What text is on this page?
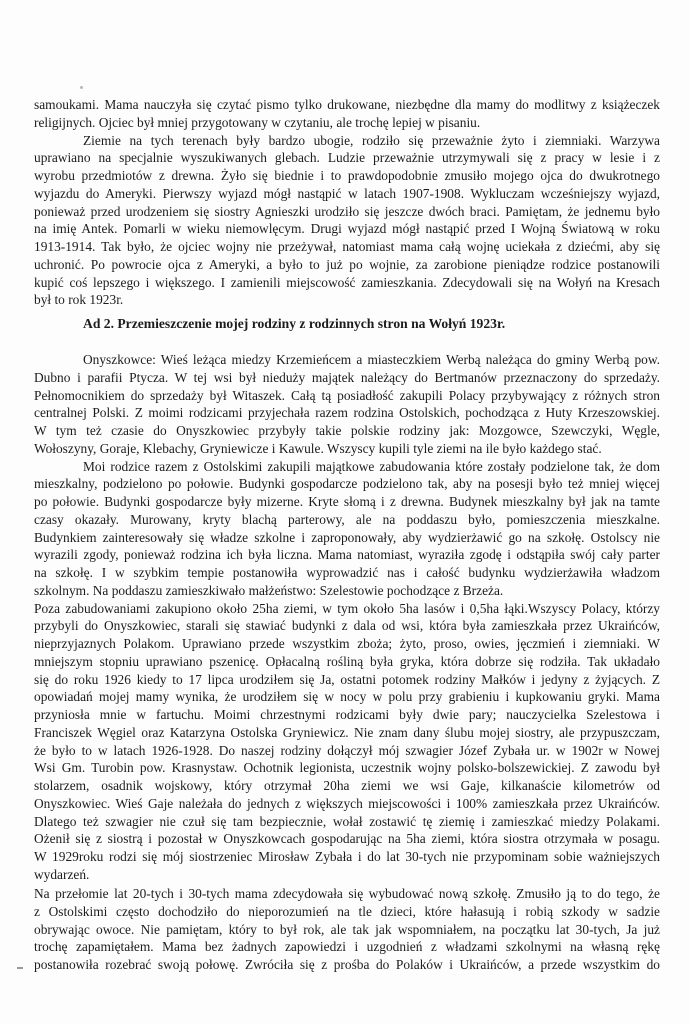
samoukami. Mama nauczyła się czytać pismo tylko drukowane, niezbędne dla mamy do modlitwy z książeczek
religijnych. Ojciec był mniej przygotowany w czytaniu, ale trochę lepiej w pisaniu.
Ziemie na tych terenach były bardzo ubogie, rodziło się przeważnie żyto i ziemniaki. Warzywa
uprawiano na specjalnie wyszukiwanych glebach. Ludzie przeważnie utrzymywali się z pracy w lesie i z
wyrobu przedmiotów z drewna. Żyło się biednie i to prawdopodobnie zmusiło mojego ojca do dwukrotnego
wyjazdu do Ameryki. Pierwszy wyjazd mógł nastąpić w latach 1907-1908. Wykluczam wcześniejszy wyjazd,
ponieważ przed urodzeniem się siostry Agnieszki urodziło się jeszcze dwóch braci. Pamiętam, że jednemu było
na imię Antek. Pomarli w wieku niemowlęcym. Drugi wyjazd mógł nastąpić przed I Wojną Światową w roku
1913-1914. Tak było, że ojciec wojny nie przeżywał, natomiast mama całą wojnę uciekała z dziećmi, aby się
uchronić. Po powrocie ojca z Ameryki, a było to już po wojnie, za zarobione pieniądze rodzice postanowili
kupić coś lepszego i większego. I zamienili miejscowość zamieszkania. Zdecydowali się na Wołyń na Kresach
był to rok 1923r.
Ad 2. Przemieszczenie mojej rodziny z rodzinnych stron na Wołyń 1923r.
Onyszkowce: Wieś leżąca miedzy Krzemieńcem a miasteczkiem Werbą należąca do gminy Werbą pow.
Dubno i parafii Ptycza. W tej wsi był nieduży majątek należący do Bertmanów przeznaczony do sprzedaży.
Pełnomocnikiem do sprzedaży był Witaszek. Całą tą posiadłość zakupili Polacy przybywający z różnych stron
centralnej Polski. Z moimi rodzicami przyjechała razem rodzina Ostolskich, pochodząca z Huty Krzeszowskiej.
W tym też czasie do Onyszkowiec przybyły takie polskie rodziny jak: Mozgowce, Szewczyki, Węgle,
Wołoszyny, Goraje, Klebachy, Gryniewicze i Kawule. Wszyscy kupili tyle ziemi na ile było każdego stać.
Moi rodzice razem z Ostolskimi zakupili majątkowe zabudowania które zostały podzielone tak, że dom
mieszkalny, podzielono po połowie. Budynki gospodarcze podzielono tak, aby na posesji było też mniej więcej
po połowie. Budynki gospodarcze były mizerne. Kryte słomą i z drewna. Budynek mieszkalny był jak na tamte
czasy okazały. Murowany, kryty blachą parterowy, ale na poddaszu było, pomieszczenia mieszkalne.
Budynkiem zainteresowały się władze szkolne i zaproponowały, aby wydzierżawić go na szkołę. Ostolscy nie
wyrazili zgody, ponieważ rodzina ich była liczna. Mama natomiast, wyraziła zgodę i odstąpiła swój cały parter
na szkołę. I w szybkim tempie postanowiła wyprowadzić nas i całość budynku wydzierżawiła władzom
szkolnym. Na poddaszu zamieszkiwało małżeństwo: Szelestowie pochodzące z Brzeża.
Poza zabudowaniami zakupiono około 25ha ziemi, w tym około 5ha lasów i 0,5ha łąki.Wszyscy Polacy, którzy
przybyli do Onyszkowiec, starali się stawiać budynki z dala od wsi, która była zamieszkała przez Ukraińców,
nieprzyjaznych Polakom. Uprawiano przede wszystkim zboża; żyto, proso, owies, jęczmień i ziemniaki. W
mniejszym stopniu uprawiano pszenicę. Opłacalną rośliną była gryka, która dobrze się rodziła. Tak układało
się do roku 1926 kiedy to 17 lipca urodziłem się Ja, ostatni potomek rodziny Małków i jedyny z żyjących. Z
opowiadań mojej mamy wynika, że urodziłem się w nocy w polu przy grabieniu i kupkowaniu gryki. Mama
przyniosła mnie w fartuchu. Moimi chrzestnymi rodzicami były dwie pary; nauczycielka Szelestowa i
Franciszek Węgiel oraz Katarzyna Ostolska Gryniewicz. Nie znam dany ślubu mojej siostry, ale przypuszczam,
że było to w latach 1926-1928. Do naszej rodziny dołączył mój szwagier Józef Zybała ur. w 1902r w Nowej
Wsi Gm. Turobin pow. Krasnystaw. Ochotnik legionista, uczestnik wojny polsko-bolszewickiej. Z zawodu był
stolarzem, osadnik wojskowy, który otrzymał 20ha ziemi we wsi Gaje, kilkanaście kilometrów od
Onyszkowiec. Wieś Gaje należała do jednych z większych miejscowości i 100% zamieszkała przez Ukraińców.
Dlatego też szwagier nie czuł się tam bezpiecznie, wołał zostawić tę ziemię i zamieszkać miedzy Polakami.
Ożenił się z siostrą i pozostał w Onyszkowcach gospodarując na 5ha ziemi, która siostra otrzymała w posagu.
W 1929roku rodzi się mój siostrzeniec Mirosław Zybała i do lat 30-tych nie przypominam sobie ważniejszych
wydarzeń.
Na przełomie lat 20-tych i 30-tych mama zdecydowała się wybudować nową szkołę. Zmusiło ją to do tego, że
z Ostolskimi często dochodziło do nieporozumień na tle dzieci, które hałasują i robią szkody w sadzie
obrywając owoce. Nie pamiętam, który to był rok, ale tak jak wspomniałem, na początku lat 30-tych, Ja już
trochę zapamiętałem. Mama bez żadnych zapowiedzi i uzgodnień z władzami szkolnymi na własną rękę
postanowiła rozebrać swoją połowę. Zwróciła się z prośba do Polaków i Ukraińców, a przede wszystkim do
